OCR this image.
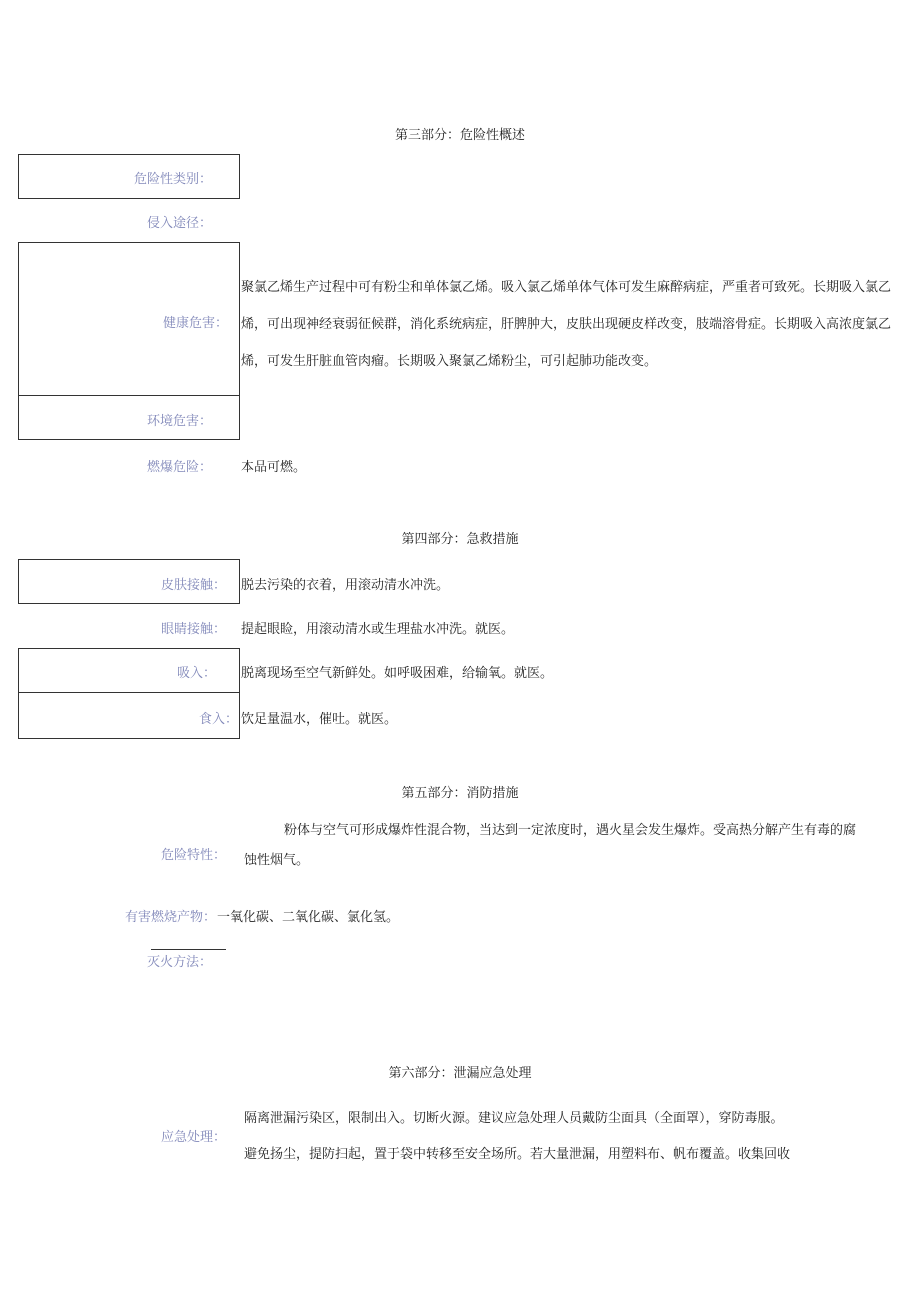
第三部分：危险性概述
危险性类别：
侵入途径：
健康危害：
聚氯乙烯生产过程中可有粉尘和单体氯乙烯。吸入氯乙烯单体气体可发生麻醉病症，严重者可致死。长期吸入氯乙烯，可出现神经衰弱征候群，消化系统病症，肝脾肿大，皮肤出现硬皮样改变，肢端溶骨症。长期吸入高浓度氯乙烯，可发生肝脏血管肉瘤。长期吸入聚氯乙烯粉尘，可引起肺功能改变。
环境危害：
燃爆危险： 本品可燃。
第四部分：急救措施
皮肤接触： 脱去污染的衣着，用滚动清水冲洗。
眼睛接触： 提起眼睑，用滚动清水或生理盐水冲洗。就医。
吸入： 脱离现场至空气新鲜处。如呼吸困难，给输氧。就医。
食入： 饮足量温水，催吐。就医。
第五部分：消防措施
危险特性：
粉体与空气可形成爆炸性混合物，当达到一定浓度时，遇火星会发生爆炸。受高热分解产生有毒的腐蚀性烟气。
有害燃烧产物： 一氧化碳、二氧化碳、氯化氢。
灭火方法：
第六部分：泄漏应急处理
应急处理：
隔离泄漏污染区，限制出入。切断火源。建议应急处理人员戴防尘面具（全面罩），穿防毒服。
避免扬尘，提防扫起，置于袋中转移至安全场所。若大量泄漏，用塑料布、帆布覆盖。收集回收
